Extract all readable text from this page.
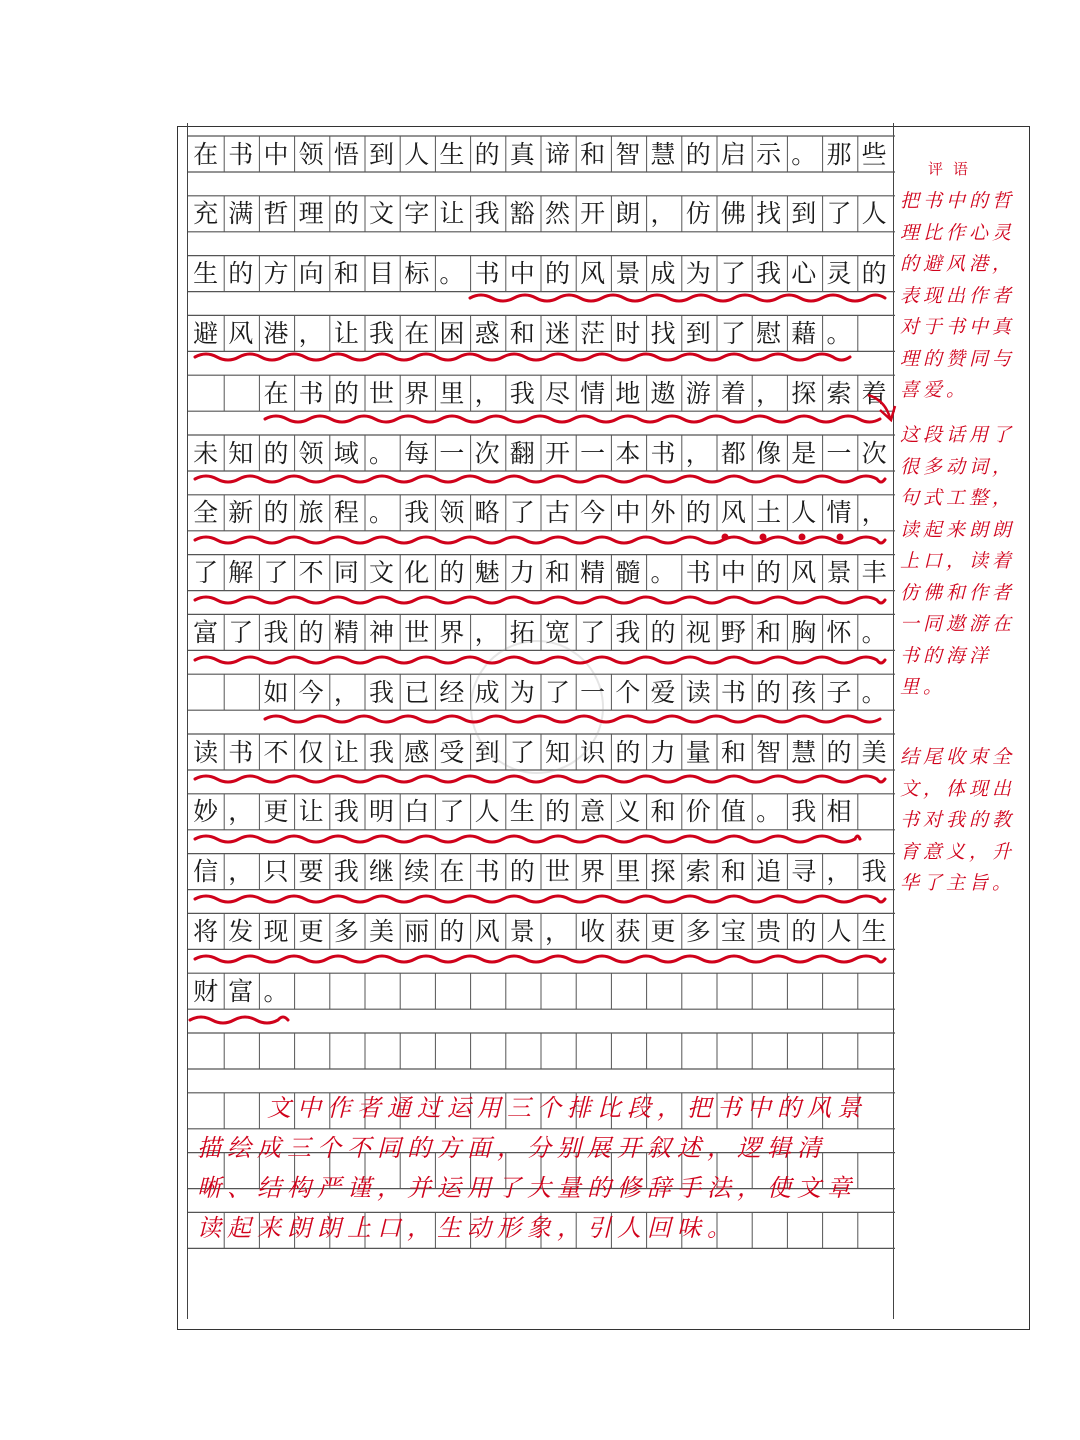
在 书 中 领 悟 到 人 生 的 真 谛 和 智 慧 的 启 示 。 那 些
充 满 哲 理 的 文 字 让 我 豁 然 开 朗 ， 仿 佛 找 到 了 人
生 的 方 向 和 目 标 。 书 中 的 风 景 成 为 了 我 心 灵 的
避 风 港 ， 让 我 在 困 惑 和 迷 茫 时 找 到 了 慰 藉 。
在 书 的 世 界 里 ， 我 尽 情 地 遨 游 着 ， 探 索 着
未 知 的 领 域 。 每 一 次 翻 开 一 本 书 ， 都 像 是 一 次
全 新 的 旅 程 。 我 领 略 了 古 今 中 外 的 风 土 人 情 ，
了 解 了 不 同 文 化 的 魅 力 和 精 髓 。 书 中 的 风 景 丰
富 了 我 的 精 神 世 界 ， 拓 宽 了 我 的 视 野 和 胸 怀 。
如 今 ， 我 已 经 成 为 了 一 个 爱 读 书 的 孩 子 。
读 书 不 仅 让 我 感 受 到 了 知 识 的 力 量 和 智 慧 的 美
妙 ， 更 让 我 明 白 了 人 生 的 意 义 和 价 值 。 我 相
信 ， 只 要 我 继 续 在 书 的 世 界 里 探 索 和 追 寻 ， 我
将 发 现 更 多 美 丽 的 风 景 ， 收 获 更 多 宝 贵 的 人 生
财 富 。
评语
把书中的哲理比作心灵的避风港，表现出作者对于书中真理的赞同与喜爱。
这段话用了很多动词，句式工整，读起来朗朗上口，读着仿佛和作者一同遨游在书的海洋里。
结尾收束全文，体现出书对我的教育意义，升华了主旨。
文中作者通过运用三个排比段，把书中的风景描绘成三个不同的方面，分别展开叙述，逻辑清晰、结构严谨，并运用了大量的修辞手法，使文章读起来朗朗上口，生动形象，引人回味。
